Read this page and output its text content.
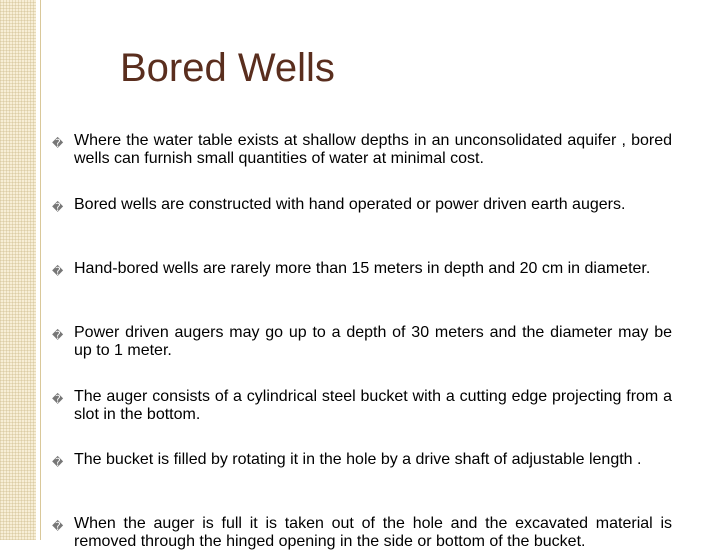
Bored Wells
� Where the water table exists at shallow depths in an unconsolidated aquifer , bored wells can furnish small quantities of water at minimal cost.
� Bored wells are constructed with hand operated or power driven earth augers.
� Hand-bored wells are rarely more than 15 meters in depth and 20 cm in diameter.
� Power driven augers may go up to a depth of 30 meters and the diameter may be up to 1 meter.
� The auger consists of a cylindrical steel bucket with a cutting edge projecting from a slot in the bottom.
� The bucket is filled by rotating it in the hole by a drive shaft of adjustable length .
� When the auger is full it is taken out of the hole and the excavated material is removed through the hinged opening in the side or bottom of the bucket.
